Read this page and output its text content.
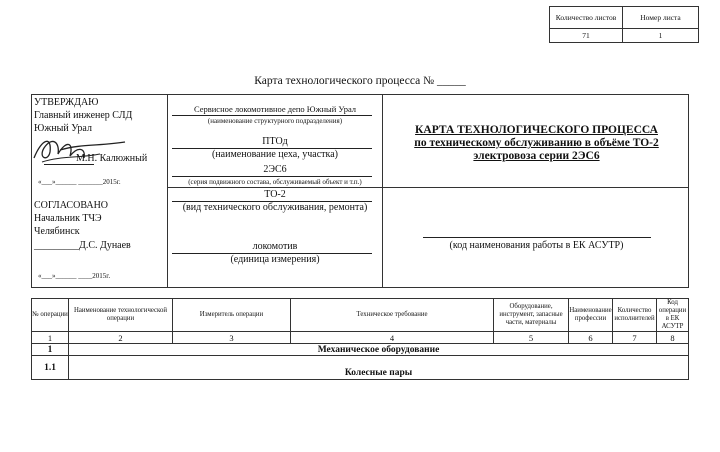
Количество листов	Номер листа
71	1
Карта технологического процесса № _____
УТВЕРЖДАЮ
Главный инженер СЛД
Южный Урал
М.Н. Калюжный
«___»______ _______2015г.
СОГЛАСОВАНО
Начальник ТЧЭ
Челябинск
_________Д.С. Дунаев
«___»______ ____2015г.
Сервисное локомотивное депо Южный Урал
(наименование структурного подразделения)
ПТОд
(наименование цеха, участка)
2ЭС6
(серия подвижного состава, обслуживаемый объект и т.п.)
ТО-2
(вид технического обслуживания, ремонта)
локомотив
(единица измерения)
КАРТА ТЕХНОЛОГИЧЕСКОГО ПРОЦЕССА
по техническому обслуживанию в объёме ТО-2
электровоза серии 2ЭС6
(код наименования работы в ЕК АСУТР)
№ операции	Наименование технологической операции	Измеритель операции	Техническое требование	Оборудование, инструмент, запасные части, материалы	Наименование профессии	Количество исполнителей	Код операции в ЕК АСУТР
1	2	3	4	5	6	7	8
1	Механическое оборудование						
1.1	Колесные пары						
